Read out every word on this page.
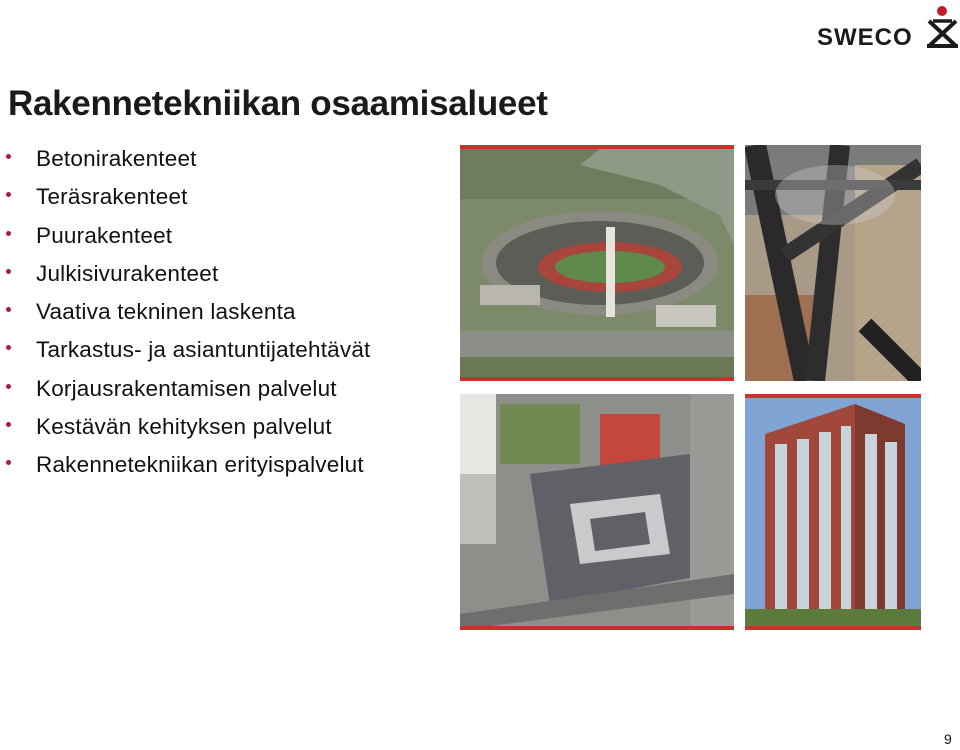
SWECO
Rakennetekniikan osaamisalueet
Betonirakenteet
Teräsrakenteet
Puurakenteet
Julkisivurakenteet
Vaativa tekninen laskenta
Tarkastus- ja asiantuntijatehtävät
Korjausrakentamisen palvelut
Kestävän kehityksen palvelut
Rakennetekniikan erityispalvelut
9
